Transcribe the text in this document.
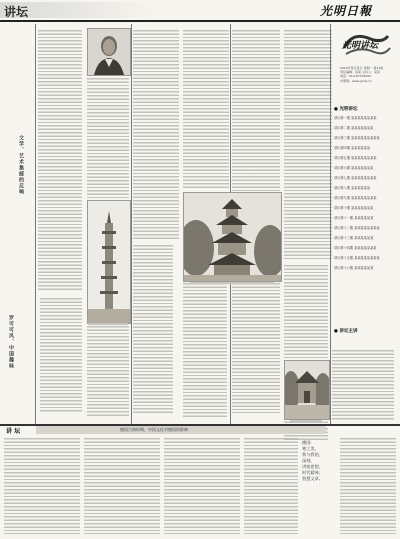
讲坛	光明日報
文学、艺术集邮的反响
罗可可风、中国趣味
光明讲坛
2019年某月某日 星期一 第11版
责任编辑：某某 主持人：某某
电话：010-67078250
光明网：www.gmw.cn
● 光明讲坛
讲坛第一期 某某某某某某某某
讲坛第二期 某某某某某某某
讲坛第三期 某某某某某某某某某
讲坛第四期 某某某某某某
讲坛第五期 某某某某某某某某
讲坛第六期 某某某某某某某
讲坛第七期 某某某某某某某某
讲坛第八期 某某某某某某
讲坛第九期 某某某某某某某某
讲坛第十期 某某某某某某某
讲坛第十一期 某某某某某某
讲坛第十二期 某某某某某某某某
讲坛第十三期 某某某某某某
讲坛第十四期 某某某某某某某
讲坛第十五期 某某某某某某某某
讲坛第十六期 某某某某某某
● 讲坛主讲
讲 坛	德国古典时期，中国文化对德国的影响
德国·
寒之美，
我与我的，
深刻，
讲座思想，
时代精神，
智慧文章。
